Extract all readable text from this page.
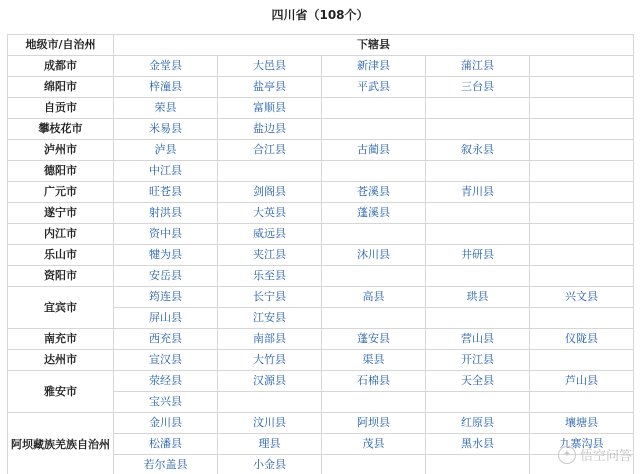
四川省（108个）
地级市/自治州	下辖县				
成都市	金堂县	大邑县	新津县	蒲江县	
绵阳市	梓潼县	盐亭县	平武县	三台县	
自贡市	荣县	富顺县			
攀枝花市	米易县	盐边县			
泸州市	泸县	合江县	古蔺县	叙永县	
德阳市	中江县				
广元市	旺苍县	剑阁县	苍溪县	青川县	
遂宁市	射洪县	大英县	蓬溪县		
内江市	资中县	威远县			
乐山市	犍为县	夹江县	沐川县	井研县	
资阳市	安岳县	乐至县			
宜宾市	筠连县	长宁县	高县	珙县	兴文县
	屏山县	江安县			
南充市	西充县	南部县	蓬安县	营山县	仪陇县
达州市	宣汉县	大竹县	渠县	开江县	
雅安市	荥经县	汉源县	石棉县	天全县	芦山县
	宝兴县				
阿坝藏族羌族自治州	金川县	汶川县	阿坝县	红原县	壤塘县
	松潘县	理县	茂县	黑水县	九寨沟县
	若尔盖县	小金县			
✦ 悟空问答
